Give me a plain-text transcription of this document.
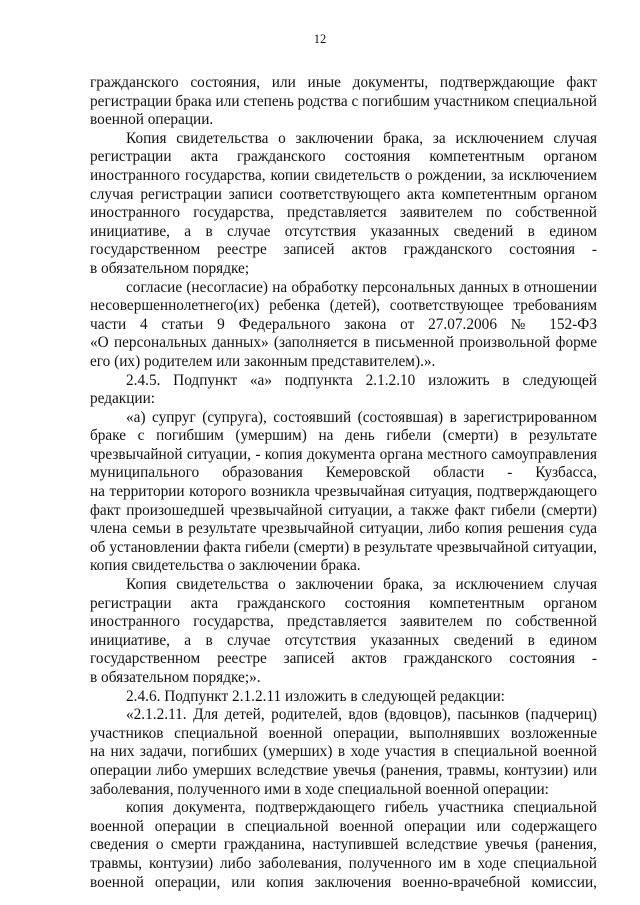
12
гражданского состояния, или иные документы, подтверждающие факт
регистрации брака или степень родства с погибшим участником специальной
военной операции.
Копия свидетельства о заключении брака, за исключением случая
регистрации акта гражданского состояния компетентным органом
иностранного государства, копии свидетельств о рождении, за исключением
случая регистрации записи соответствующего акта компетентным органом
иностранного государства, представляется заявителем по собственной
инициативе, а в случае отсутствия указанных сведений в едином
государственном реестре записей актов гражданского состояния -
в обязательном порядке;
согласие (несогласие) на обработку персональных данных в отношении
несовершеннолетнего(их) ребенка (детей), соответствующее требованиям
части 4 статьи 9 Федерального закона от 27.07.2006 № 152-ФЗ
«О персональных данных» (заполняется в письменной произвольной форме
его (их) родителем или законным представителем).».
2.4.5. Подпункт «а» подпункта 2.1.2.10 изложить в следующей
редакции:
«а) супруг (супруга), состоявший (состоявшая) в зарегистрированном
браке с погибшим (умершим) на день гибели (смерти) в результате
чрезвычайной ситуации, - копия документа органа местного самоуправления
муниципального образования Кемеровской области - Кузбасса,
на территории которого возникла чрезвычайная ситуация, подтверждающего
факт произошедшей чрезвычайной ситуации, а также факт гибели (смерти)
члена семьи в результате чрезвычайной ситуации, либо копия решения суда
об установлении факта гибели (смерти) в результате чрезвычайной ситуации,
копия свидетельства о заключении брака.
Копия свидетельства о заключении брака, за исключением случая
регистрации акта гражданского состояния компетентным органом
иностранного государства, представляется заявителем по собственной
инициативе, а в случае отсутствия указанных сведений в едином
государственном реестре записей актов гражданского состояния -
в обязательном порядке;».
2.4.6. Подпункт 2.1.2.11 изложить в следующей редакции:
«2.1.2.11. Для детей, родителей, вдов (вдовцов), пасынков (падчериц)
участников специальной военной операции, выполнявших возложенные
на них задачи, погибших (умерших) в ходе участия в специальной военной
операции либо умерших вследствие увечья (ранения, травмы, контузии) или
заболевания, полученного ими в ходе специальной военной операции:
копия документа, подтверждающего гибель участника специальной
военной операции в специальной военной операции или содержащего
сведения о смерти гражданина, наступившей вследствие увечья (ранения,
травмы, контузии) либо заболевания, полученного им в ходе специальной
военной операции, или копия заключения военно-врачебной комиссии,
